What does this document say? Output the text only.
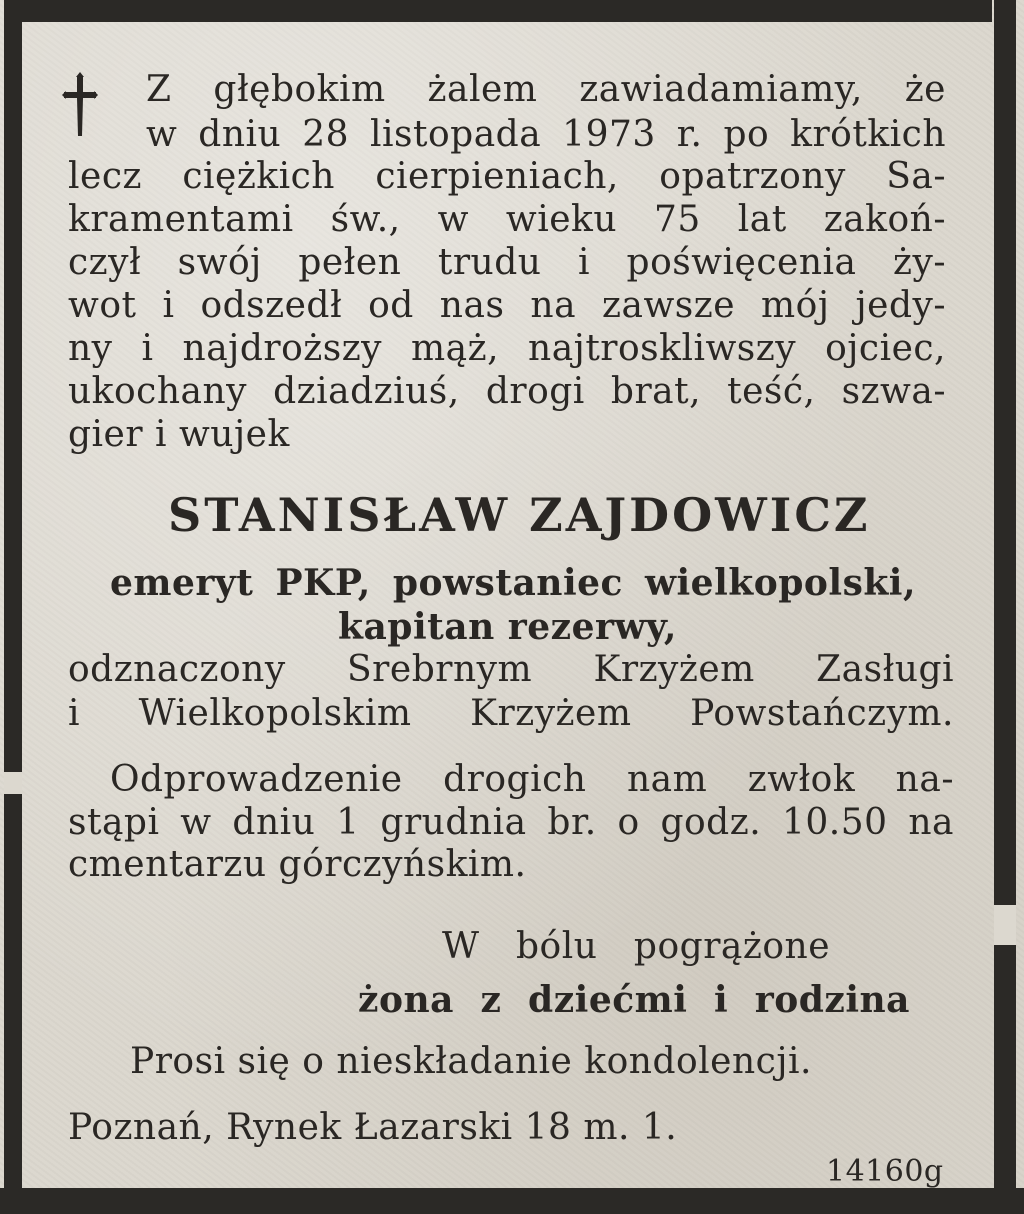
Z głębokim żalem zawiadamiamy, że

w dniu 28 listopada 1973 r. po krótkich

lecz ciężkich cierpieniach, opatrzony Sa-

kramentami św., w wieku 75 lat zakoń-

czył swój pełen trudu i poświęcenia ży-

wot i odszedł od nas na zawsze mój jedy-

ny i najdroższy mąż, najtroskliwszy ojciec,

ukochany dziadziuś, drogi brat, teść, szwa-

gier i wujek

STANISŁAW ZAJDOWICZ

emeryt PKP, powstaniec wielkopolski,

kapitan rezerwy,

odznaczony Srebrnym Krzyżem Zasługi

i Wielkopolskim Krzyżem Powstańczym.

Odprowadzenie drogich nam zwłok na-

stąpi w dniu 1 grudnia br. o godz. 10.50 na

cmentarzu górczyńskim.

W bólu pogrążone

żona z dziećmi i rodzina

Prosi się o nieskładanie kondolencji.

Poznań, Rynek Łazarski 18 m. 1.

14160g
